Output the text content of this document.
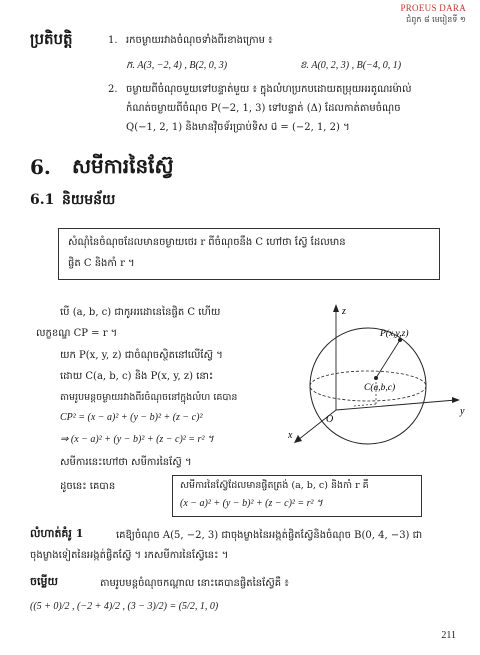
PROEUS DARA
ជំពូក ៨ មេរៀនទី ១
ប្រតិបត្តិ	1. រកចម្ងាយរវាងចំណុចទាំងពីរខាងក្រោម ៖
ក. A(3, −2, 4) , B(2, 0, 3)	ខ. A(0, 2, 3) , B(−4, 0, 1)
2. ចម្ងាយពីចំណុចមួយទៅបន្ទាត់មួយ ៖ ក្នុងលំហប្រកបដោយតម្រុយអរតូណរម៉ាល់
កំណត់ចម្ងាយពីចំណុច P(−2, 1, 3) ទៅបន្ទាត់ (Δ) ដែលកាត់តាមចំណុច
Q(−1, 2, 1) និងមានវ៉ិចទ័រប្រាប់ទិស u⃗ = (−2, 1, 2) ។
6. សមីការនៃស្វ៊ែ
6.1 និយមន័យ
សំណុំនៃចំណុចដែលមានចម្ងាយថេរ r ពីចំណុចនឹង C ហៅថា ស្វ៊ែ ដែលមាន
ផ្ចិត C និងកាំ r ។
បើ (a, b, c) ជាកូអរដោនេនៃផ្ចិត C ហើយ
លក្ខខណ្ឌ CP = r ។
យក P(x, y, z) ជាចំណុចស្ថិតនៅលើស្វ៊ែ ។
ដោយ C(a, b, c) និង P(x, y, z) នោះ
តាមរូបមន្តចម្ងាយរវាងពីរចំណុចនៅក្នុងលំហ គេបាន
CP² = (x − a)² + (y − b)² + (z − c)²
⇒ (x − a)² + (y − b)² + (z − c)² = r² ។
សមីការនេះហៅថា សមីការនៃស្វ៊ែ ។
ដូចនេះ គេបាន	សមីការនៃស្វ៊ែដែលមានផ្ចិតត្រង់ (a, b, c) និងកាំ r គឺ
(x − a)² + (y − b)² + (z − c)² = r² ។
z
y
x
O
P(x,y,z)
C(a,b,c)
លំហាត់គំរូ 1	គេឱ្យចំណុច A(5, −2, 3) ជាចុងម្ខាងនៃអង្កត់ផ្ចិតស្វ៊ែនិងចំណុច B(0, 4, −3) ជា
ចុងម្ខាងទៀតនៃអង្កត់ផ្ចិតស្វ៊ែ ។ រកសមីការនៃស្វ៊ែនេះ ។
ចម្លើយ	តាមរូបមន្តចំណុចកណ្ដាល នោះគេបានផ្ចិតនៃស្វ៊ែគឺ ៖
((5 + 0)/2 , (−2 + 4)/2 , (3 − 3)/2) = (5/2, 1, 0)
211
